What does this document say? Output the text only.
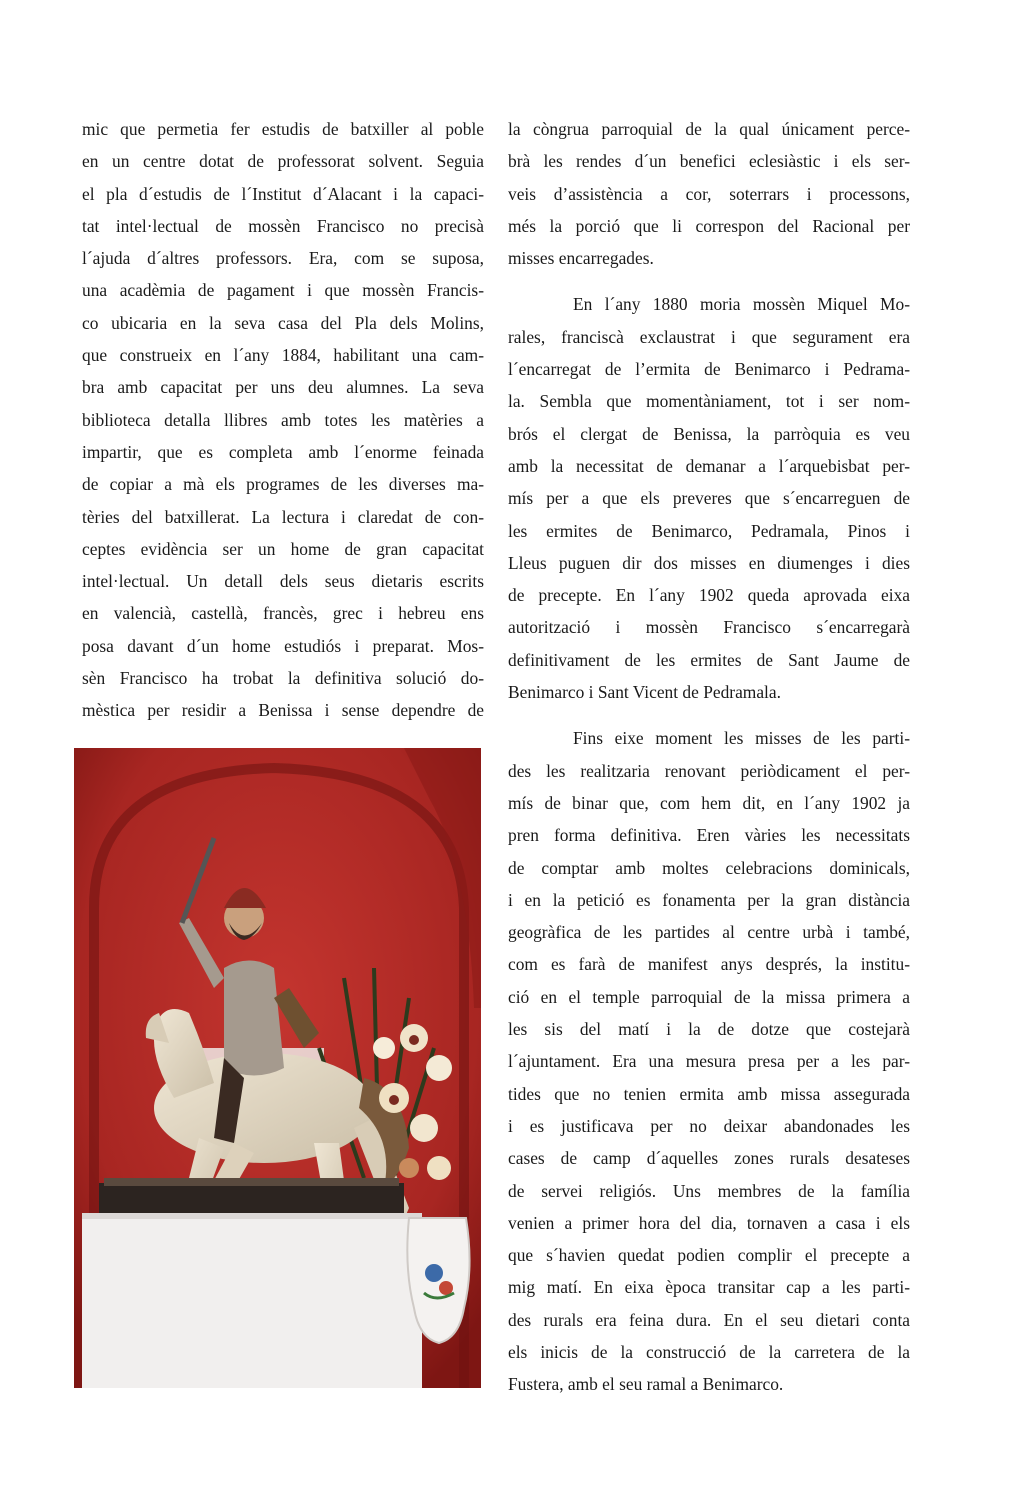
mic que permetia fer estudis de batxiller al poble
en un centre dotat de professorat solvent. Seguia
el pla d´estudis de l´Institut d´Alacant i la capaci-
tat intel·lectual de mossèn Francisco no precisà
l´ajuda d´altres professors. Era, com se suposa,
una acadèmia de pagament i que mossèn Francis-
co ubicaria en la seva casa del Pla dels Molins,
que construeix en l´any 1884, habilitant una cam-
bra amb capacitat per uns deu alumnes. La seva
biblioteca detalla llibres amb totes les matèries a
impartir, que es completa amb l´enorme feinada
de copiar a mà els programes de les diverses ma-
tèries del batxillerat. La lectura i claredat de con-
ceptes evidència ser un home de gran capacitat
intel·lectual. Un detall dels seus dietaris escrits
en valencià, castellà, francès, grec i hebreu ens
posa davant d´un home estudiós i preparat. Mos-
sèn Francisco ha trobat la definitiva solució do-
mèstica per residir a Benissa i sense dependre de
la còngrua parroquial de la qual únicament perce-
brà les rendes d´un benefici eclesiàstic i els ser-
veis d’assistència a cor, soterrars i processons,
més la porció que li correspon del Racional per
misses encarregades.
En l´any 1880 moria mossèn Miquel Mo-
rales, franciscà exclaustrat i que segurament era
l´encarregat de l’ermita de Benimarco i Pedrama-
la. Sembla que momentàniament, tot i ser nom-
brós el clergat de Benissa, la parròquia es veu
amb la necessitat de demanar a l´arquebisbat per-
mís per a que els preveres que s´encarreguen de
les ermites de Benimarco, Pedramala, Pinos i
Lleus puguen dir dos misses en diumenges i dies
de precepte. En l´any 1902 queda aprovada eixa
autorització i mossèn Francisco s´encarregarà
definitivament de les ermites de Sant Jaume de
Benimarco i Sant Vicent de Pedramala.
Fins eixe moment les misses de les parti-
des les realitzaria renovant periòdicament el per-
mís de binar que, com hem dit, en l´any 1902 ja
pren forma definitiva. Eren vàries les necessitats
de comptar amb moltes celebracions dominicals,
i en la petició es fonamenta per la gran distància
geogràfica de les partides al centre urbà i també,
com es farà de manifest anys després, la institu-
ció en el temple parroquial de la missa primera a
les sis del matí i la de dotze que costejarà
l´ajuntament. Era una mesura presa per a les par-
tides que no tenien ermita amb missa assegurada
i es justificava per no deixar abandonades les
cases de camp d´aquelles zones rurals desateses
de servei religiós. Uns membres de la família
venien a primer hora del dia, tornaven a casa i els
que s´havien quedat podien complir el precepte a
mig matí. En eixa època transitar cap a les parti-
des rurals era feina dura. En el seu dietari conta
els inicis de la construcció de la carretera de la
Fustera, amb el seu ramal a Benimarco.
